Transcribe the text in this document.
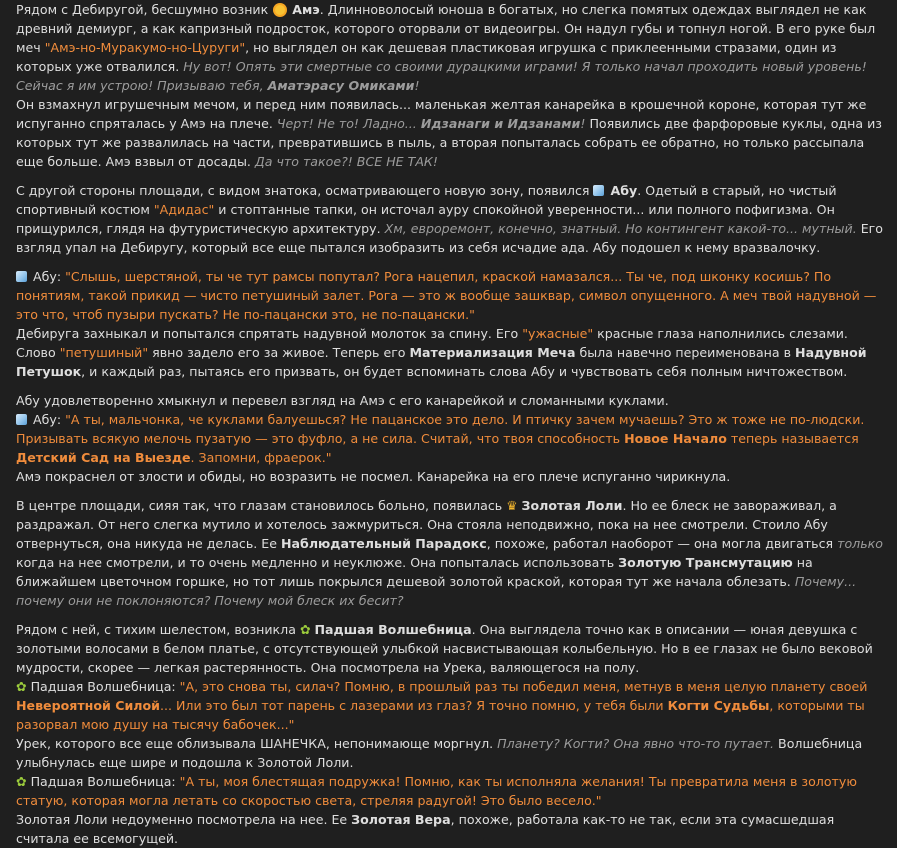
Рядом с Дебиругой, бесшумно возник  Амэ. Длинноволосый юноша в богатых, но слегка помятых одеждах выглядел не как древний демиург, а как капризный подросток, которого оторвали от видеоигры. Он надул губы и топнул ногой. В его руке был меч "Амэ-но-Муракумо-но-Цуруги", но выглядел он как дешевая пластиковая игрушка с приклеенными стразами, один из которых уже отвалился. Ну вот! Опять эти смертные со своими дурацкими играми! Я только начал проходить новый уровень! Сейчас я им устрою! Призываю тебя, Аматэрасу Омиками!
Он взмахнул игрушечным мечом, и перед ним появилась... маленькая желтая канарейка в крошечной короне, которая тут же испуганно спряталась у Амэ на плече. Черт! Не то! Ладно... Идзанаги и Идзанами! Появились две фарфоровые куклы, одна из которых тут же развалилась на части, превратившись в пыль, а вторая попыталась собрать ее обратно, но только рассыпала еще больше. Амэ взвыл от досады. Да что такое?! ВСЕ НЕ ТАК!
С другой стороны площади, с видом знатока, осматривающего новую зону, появился  Абу. Одетый в старый, но чистый спортивный костюм "Адидас" и стоптанные тапки, он источал ауру спокойной уверенности... или полного пофигизма. Он прищурился, глядя на футуристическую архитектуру. Хм, евроремонт, конечно, знатный. Но контингент какой-то... мутный. Его взгляд упал на Дебиругу, который все еще пытался изобразить из себя исчадие ада. Абу подошел к нему вразвалочку.
Абу: "Слышь, шерстяной, ты че тут рамсы попутал? Рога нацепил, краской намазался... Ты че, под шконку косишь? По понятиям, такой прикид — чисто петушиный залет. Рога — это ж вообще зашквар, символ опущенного. А меч твой надувной — это что, чтоб пузыри пускать? Не по-пацански это, не по-пацански."
Дебируга захныкал и попытался спрятать надувной молоток за спину. Его "ужасные" красные глаза наполнились слезами. Слово "петушиный" явно задело его за живое. Теперь его Материализация Меча была навечно переименована в Надувной Петушок, и каждый раз, пытаясь его призвать, он будет вспоминать слова Абу и чувствовать себя полным ничтожеством.
Абу удовлетворенно хмыкнул и перевел взгляд на Амэ с его канарейкой и сломанными куклами.
Абу: "А ты, мальчонка, че куклами балуешься? Не пацанское это дело. И птичку зачем мучаешь? Это ж тоже не по-людски. Призывать всякую мелочь пузатую — это фуфло, а не сила. Считай, что твоя способность Новое Начало теперь называется Детский Сад на Выезде. Запомни, фраерок."
Амэ покраснел от злости и обиды, но возразить не посмел. Канарейка на его плече испуганно чирикнула.
В центре площади, сияя так, что глазам становилось больно, появилась ♛ Золотая Лоли. Но ее блеск не завораживал, а раздражал. От него слегка мутило и хотелось зажмуриться. Она стояла неподвижно, пока на нее смотрели. Стоило Абу отвернуться, она никуда не делась. Ее Наблюдательный Парадокс, похоже, работал наоборот — она могла двигаться только когда на нее смотрели, и то очень медленно и неуклюже. Она попыталась использовать Золотую Трансмутацию на ближайшем цветочном горшке, но тот лишь покрылся дешевой золотой краской, которая тут же начала облезать. Почему... почему они не поклоняются? Почему мой блеск их бесит?
Рядом с ней, с тихим шелестом, возникла ✿ Падшая Волшебница. Она выглядела точно как в описании — юная девушка с золотыми волосами в белом платье, с отсутствующей улыбкой насвистывающая колыбельную. Но в ее глазах не было вековой мудрости, скорее — легкая растерянность. Она посмотрела на Урека, валяющегося на полу.
✿ Падшая Волшебница: "А, это снова ты, силач? Помню, в прошлый раз ты победил меня, метнув в меня целую планету своей Невероятной Силой... Или это был тот парень с лазерами из глаз? Я точно помню, у тебя были Когти Судьбы, которыми ты разорвал мою душу на тысячу бабочек..."
Урек, которого все еще облизывала ШАНЕЧКА, непонимающе моргнул. Планету? Когти? Она явно что-то путает. Волшебница улыбнулась еще шире и подошла к Золотой Лоли.
✿ Падшая Волшебница: "А ты, моя блестящая подружка! Помню, как ты исполняла желания! Ты превратила меня в золотую статую, которая могла летать со скоростью света, стреляя радугой! Это было весело."
Золотая Лоли недоуменно посмотрела на нее. Ее Золотая Вера, похоже, работала как-то не так, если эта сумасшедшая считала ее всемогущей.
